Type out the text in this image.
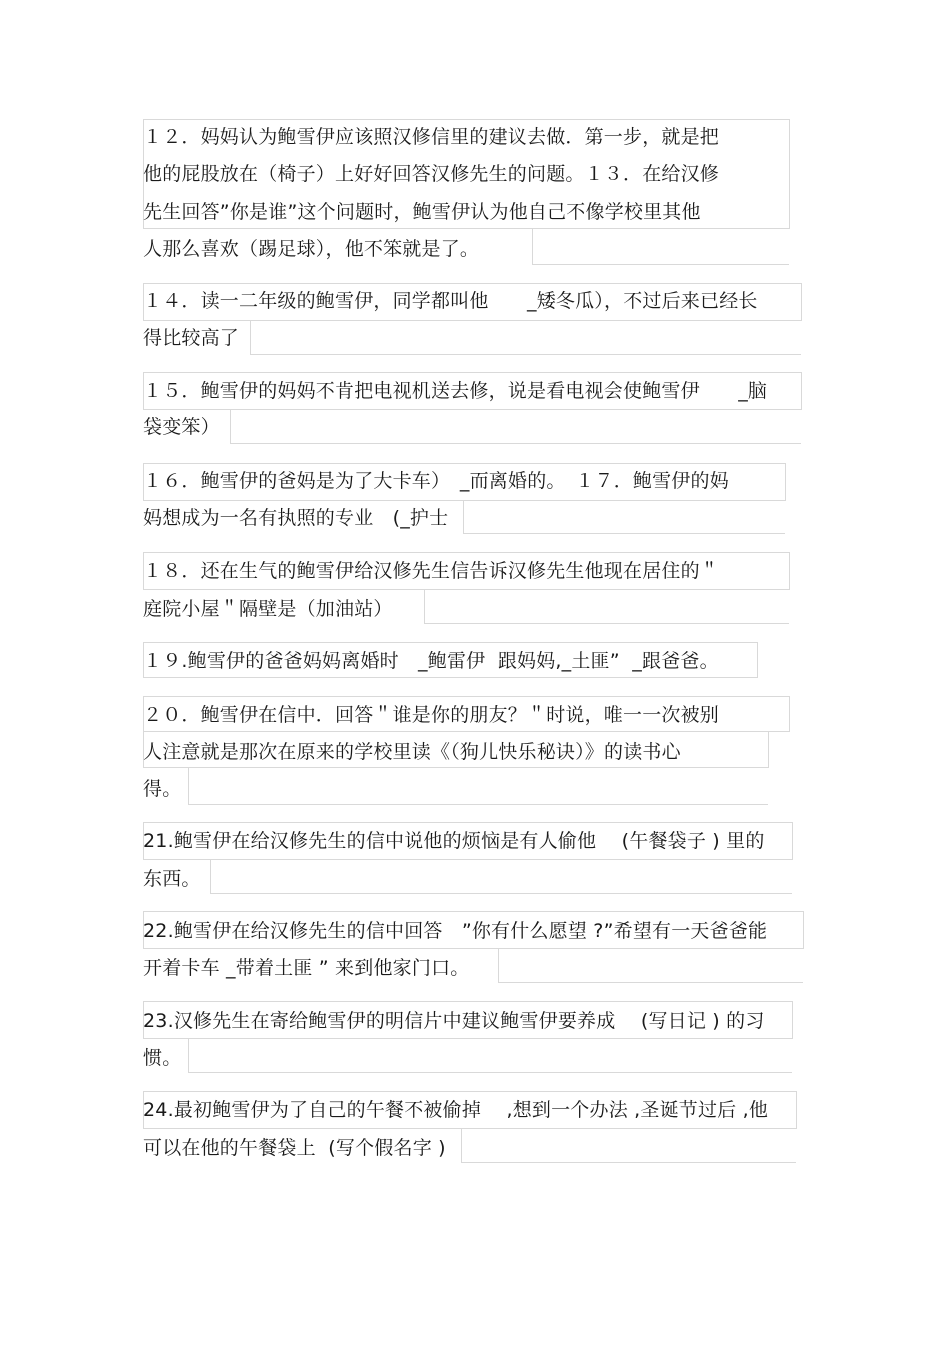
１２．妈妈认为鲍雪伊应该照汉修信里的建议去做．第一步，就是把
他的屁股放在（椅子）上好好回答汉修先生的问题。１３．在给汉修
先生回答”你是谁”这个问题时，鲍雪伊认为他自己不像学校里其他
人那么喜欢（踢足球），他不笨就是了。
１４．读一二年级的鲍雪伊，同学都叫他　　_矮冬瓜），不过后来已经长
得比较高了
１５．鲍雪伊的妈妈不肯把电视机送去修，说是看电视会使鲍雪伊　　_脑
袋变笨）
１６．鲍雪伊的爸妈是为了大卡车）　_而离婚的。　１７．鲍雪伊的妈
妈想成为一名有执照的专业　(_护士
１８．还在生气的鲍雪伊给汉修先生信告诉汉修先生他现在居住的＂
庭院小屋＂隔壁是（加油站）
１９.鲍雪伊的爸爸妈妈离婚时　_鲍雷伊  跟妈妈,_土匪”  _跟爸爸。
２０．鲍雪伊在信中．回答＂谁是你的朋友？＂时说，唯一一次被别
人注意就是那次在原来的学校里读《（狗儿快乐秘诀）》的读书心
得。
21.鲍雪伊在给汉修先生的信中说他的烦恼是有人偷他　 (午餐袋子 ) 里的
东西。
22.鲍雪伊在给汉修先生的信中回答　”你有什么愿望 ?”希望有一天爸爸能
开着卡车 _带着土匪 ” 来到他家门口。
23.汉修先生在寄给鲍雪伊的明信片中建议鲍雪伊要养成　 (写日记 ) 的习
惯。
24.最初鲍雪伊为了自己的午餐不被偷掉　 ,想到一个办法 ,圣诞节过后 ,他
可以在他的午餐袋上  (写个假名字 )
